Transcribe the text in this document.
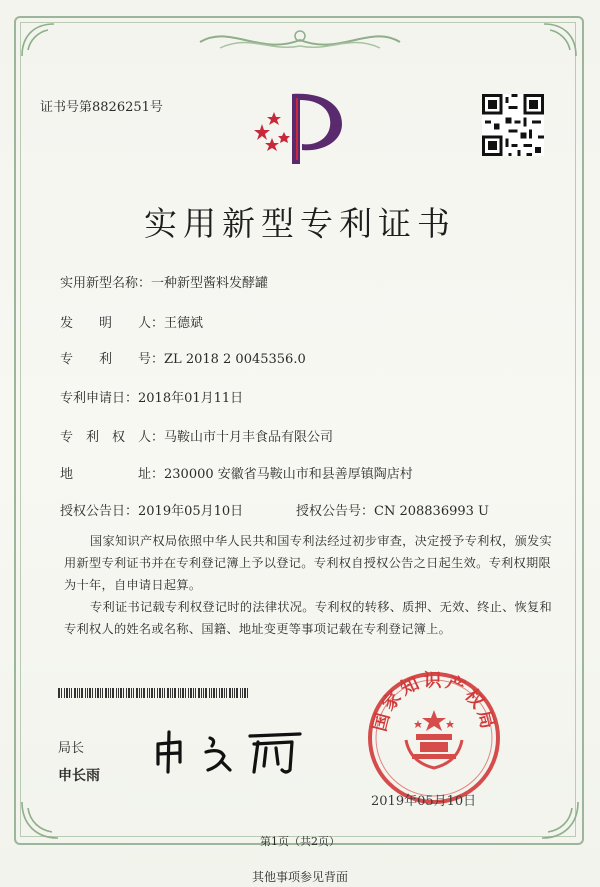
证书号第8826251号
实用新型专利证书
实用新型名称：一种新型酱料发酵罐
发　　明　　人：王德斌
专　　利　　号：ZL 2018 2 0045356.0
专利申请日：2018年01月11日
专　利　权　人：马鞍山市十月丰食品有限公司
地　　　　　址：230000 安徽省马鞍山市和县善厚镇陶店村
授权公告日：2019年05月10日	授权公告号：CN 208836993 U
国家知识产权局依照中华人民共和国专利法经过初步审查，决定授予专利权，颁发实用新型专利证书并在专利登记簿上予以登记。专利权自授权公告之日起生效。专利权期限为十年，自申请日起算。
专利证书记载专利权登记时的法律状况。专利权的转移、质押、无效、终止、恢复和专利权人的姓名或名称、国籍、地址变更等事项记载在专利登记簿上。
局长
申长雨
国家知识产权局
2019年05月10日
第1页（共2页）
其他事项参见背面
